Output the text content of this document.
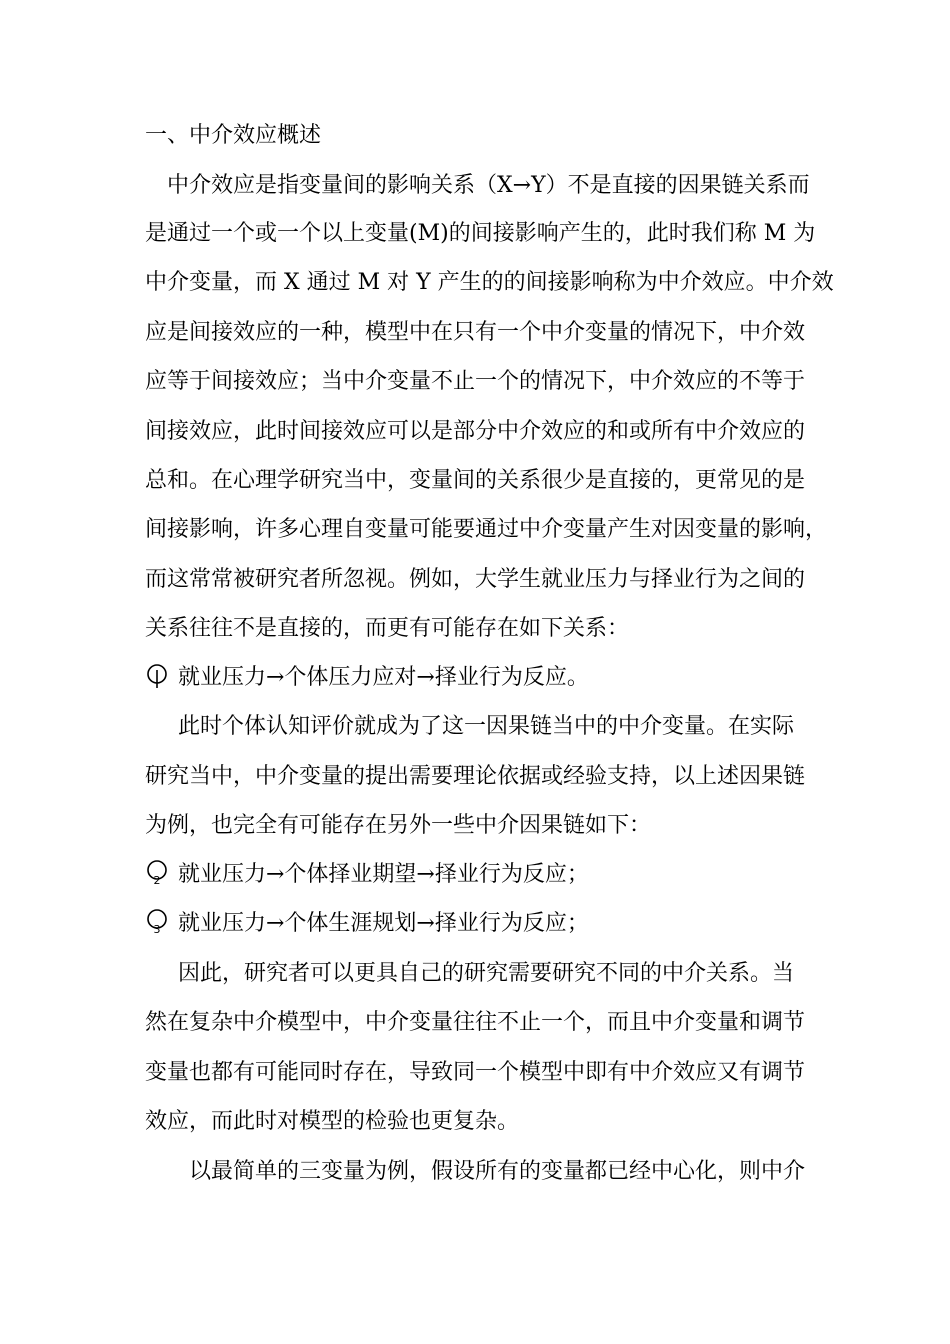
一、中介效应概述
中介效应是指变量间的影响关系（X→Y）不是直接的因果链关系而
是通过一个或一个以上变量(M)的间接影响产生的，此时我们称 M 为
中介变量，而 X 通过 M 对 Y 产生的的间接影响称为中介效应。中介效
应是间接效应的一种，模型中在只有一个中介变量的情况下，中介效
应等于间接效应；当中介变量不止一个的情况下，中介效应的不等于
间接效应，此时间接效应可以是部分中介效应的和或所有中介效应的
总和。在心理学研究当中，变量间的关系很少是直接的，更常见的是
间接影响，许多心理自变量可能要通过中介变量产生对因变量的影响，
而这常常被研究者所忽视。例如，大学生就业压力与择业行为之间的
关系往往不是直接的，而更有可能存在如下关系：
就业压力→个体压力应对→择业行为反应。
此时个体认知评价就成为了这一因果链当中的中介变量。在实际
研究当中，中介变量的提出需要理论依据或经验支持，以上述因果链
为例，也完全有可能存在另外一些中介因果链如下：
2 就业压力→个体择业期望→择业行为反应；
3 就业压力→个体生涯规划→择业行为反应；
因此，研究者可以更具自己的研究需要研究不同的中介关系。当
然在复杂中介模型中，中介变量往往不止一个，而且中介变量和调节
变量也都有可能同时存在，导致同一个模型中即有中介效应又有调节
效应，而此时对模型的检验也更复杂。
以最简单的三变量为例，假设所有的变量都已经中心化，则中介
